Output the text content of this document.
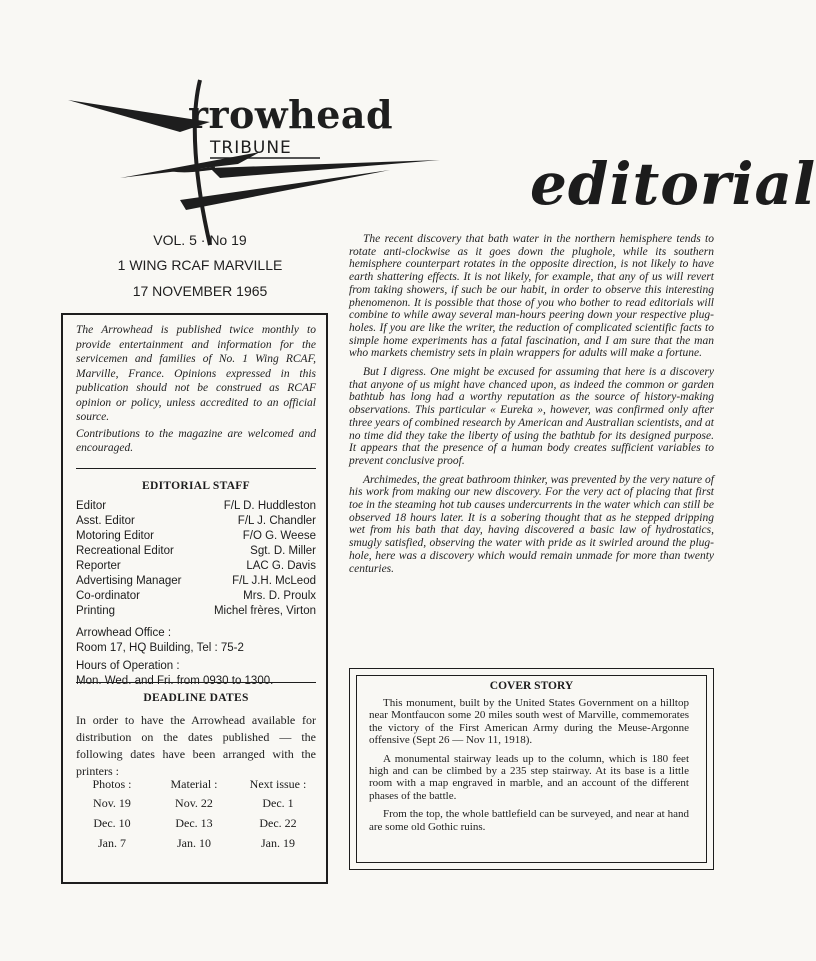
rrowhead
TRIBUNE
editorial
VOL. 5 · No 19
1 WING RCAF MARVILLE
17 NOVEMBER 1965

The Arrowhead is published twice monthly to provide entertainment and information for the servicemen and families of No. 1 Wing RCAF, Marville, France. Opinions expressed in this publication should not be construed as RCAF opinion or policy, unless accredited to an official source.

Contributions to the magazine are welcomed and encouraged.

EDITORIAL STAFF
Editor	F/L D. Huddleston
Asst. Editor	F/L J. Chandler
Motoring Editor	F/O G. Weese
Recreational Editor	Sgt. D. Miller
Reporter	LAC G. Davis
Advertising Manager	F/L J.H. McLeod
Co-ordinator	Mrs. D. Proulx
Printing	Michel frères, Virton
Arrowhead Office :
Room 17, HQ Building, Tel : 75-2
Hours of Operation :
Mon. Wed. and Fri. from 0930 to 1300.
DEADLINE DATES
In order to have the Arrowhead available for distribution on the dates published — the following dates have been arranged with the printers :
Photos :	Material :	Next issue :
Nov. 19	Nov. 22	Dec. 1
Dec. 10	Dec. 13	Dec. 22
Jan. 7	Jan. 10	Jan. 19

The recent discovery that bath water in the northern hemisphere tends to rotate anti-clockwise as it goes down the plughole, while its southern hemisphere counterpart rotates in the opposite direction, is not likely to have earth shattering effects. It is not likely, for example, that any of us will revert from taking showers, if such be our habit, in order to observe this interesting phenomenon. It is possible that those of you who bother to read editorials will combine to while away several man-hours peering down your respective plug-holes. If you are like the writer, the reduction of complicated scientific facts to simple home experiments has a fatal fascination, and I am sure that the man who markets chemistry sets in plain wrappers for adults will make a fortune.

But I digress. One might be excused for assuming that here is a discovery that anyone of us might have chanced upon, as indeed the common or garden bathtub has long had a worthy reputation as the source of history-making observations. This particular « Eureka », however, was confirmed only after three years of combined research by American and Australian scientists, and at no time did they take the liberty of using the bathtub for its designed purpose. It appears that the presence of a human body creates sufficient variables to prevent conclusive proof.

Archimedes, the great bathroom thinker, was prevented by the very nature of his work from making our new discovery. For the very act of placing that first toe in the steaming hot tub causes undercurrents in the water which can still be observed 18 hours later. It is a sobering thought that as he stepped dripping wet from his bath that day, having discovered a basic law of hydrostatics, smugly satisfied, observing the water with pride as it swirled around the plug-hole, here was a discovery which would remain unmade for more than twenty centuries.

COVER STORY

This monument, built by the United States Government on a hilltop near Montfaucon some 20 miles south west of Marville, commemorates the victory of the First American Army during the Meuse-Argonne offensive (Sept 26 — Nov 11, 1918).

A monumental stairway leads up to the column, which is 180 feet high and can be climbed by a 235 step stairway. At its base is a little room with a map engraved in marble, and an account of the different phases of the battle.

From the top, the whole battlefield can be surveyed, and near at hand are some old Gothic ruins.
